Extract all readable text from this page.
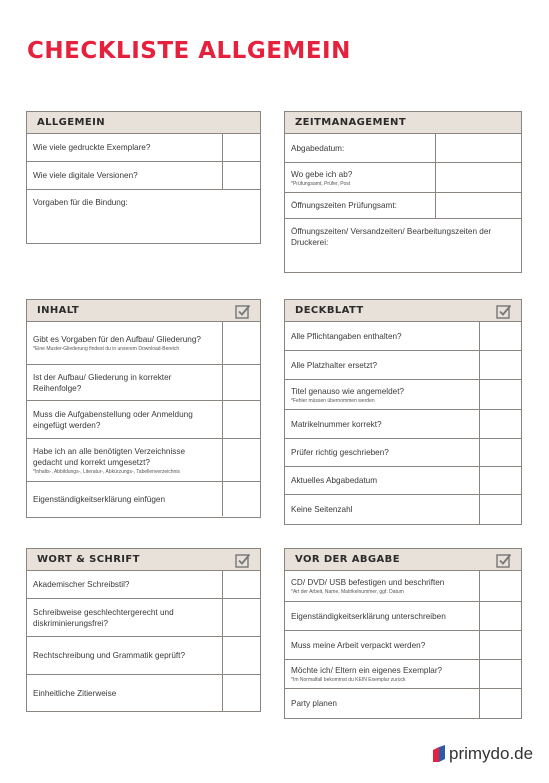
CHECKLISTE ALLGEMEIN
ALLGEMEIN
Wie viele gedruckte Exemplare?
Wie viele digitale Versionen?
Vorgaben für die Bindung:
ZEITMANAGEMENT
Abgabedatum:
Wo gebe ich ab?
*Prüfungsamt, Prüfer, Post
Öffnungszeiten Prüfungsamt:
Öffnungszeiten/ Versandzeiten/ Bearbeitungszeiten der Druckerei:
INHALT
Gibt es Vorgaben für den Aufbau/ Gliederung?
*Eine Muster-Gliederung findest du in unserem Download-Bereich
Ist der Aufbau/ Gliederung in korrekter Reihenfolge?
Muss die Aufgabenstellung oder Anmeldung eingefügt werden?
Habe ich an alle benötigten Verzeichnisse gedacht und korrekt umgesetzt?
*Inhalts-, Abbildungs-, Literatur-, Abkürzungs-, Tabellenverzeichnis
Eigenständigkeitserklärung einfügen
DECKBLATT
Alle Pflichtangaben enthalten?
Alle Platzhalter ersetzt?
Titel genauso wie angemeldet?
*Fehler müssen übernommen werden
Matrikelnummer korrekt?
Prüfer richtig geschrieben?
Aktuelles Abgabedatum
Keine Seitenzahl
WORT & SCHRIFT
Akademischer Schreibstil?
Schreibweise geschlechtergerecht und diskriminierungsfrei?
Rechtschreibung und Grammatik geprüft?
Einheitliche Zitierweise
VOR DER ABGABE
CD/ DVD/ USB befestigen und beschriften
*Art der Arbeit, Name, Matrikelnummer, ggf. Datum
Eigenständigkeitserklärung unterschreiben
Muss meine Arbeit verpackt werden?
Möchte ich/ Eltern ein eigenes Exemplar?
*Im Normalfall bekommst du KEIN Exemplar zurück
Party planen
primydo.de
